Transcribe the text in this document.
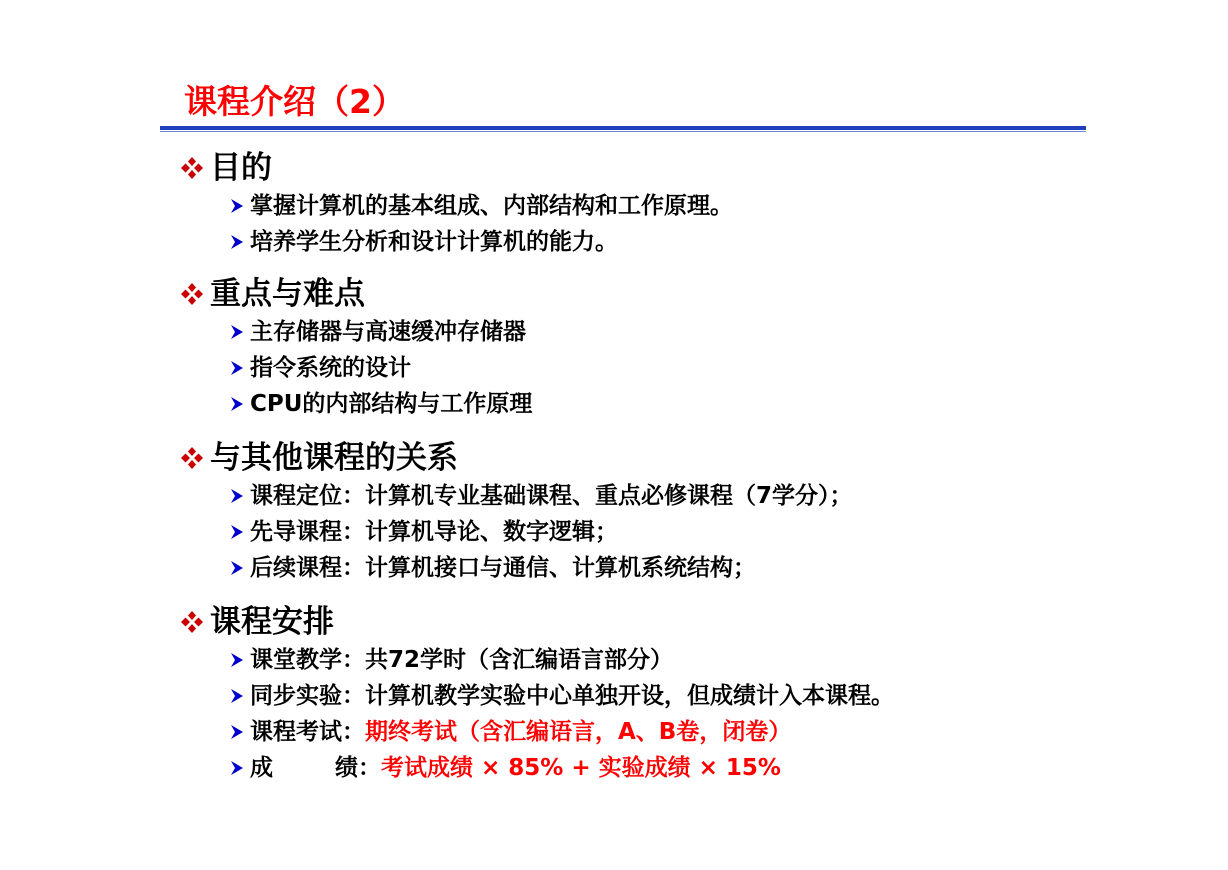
课程介绍（2）
目的
掌握计算机的基本组成、内部结构和工作原理。
培养学生分析和设计计算机的能力。
重点与难点
主存储器与高速缓冲存储器
指令系统的设计
CPU的内部结构与工作原理
与其他课程的关系
课程定位：计算机专业基础课程、重点必修课程（7学分）；
先导课程：计算机导论、数字逻辑；
后续课程：计算机接口与通信、计算机系统结构；
课程安排
课堂教学：共72学时（含汇编语言部分）
同步实验：计算机教学实验中心单独开设，但成绩计入本课程。
课程考试： 期终考试（含汇编语言，A、B卷，闭卷）
成	绩： 考试成绩 × 85% + 实验成绩 × 15%
